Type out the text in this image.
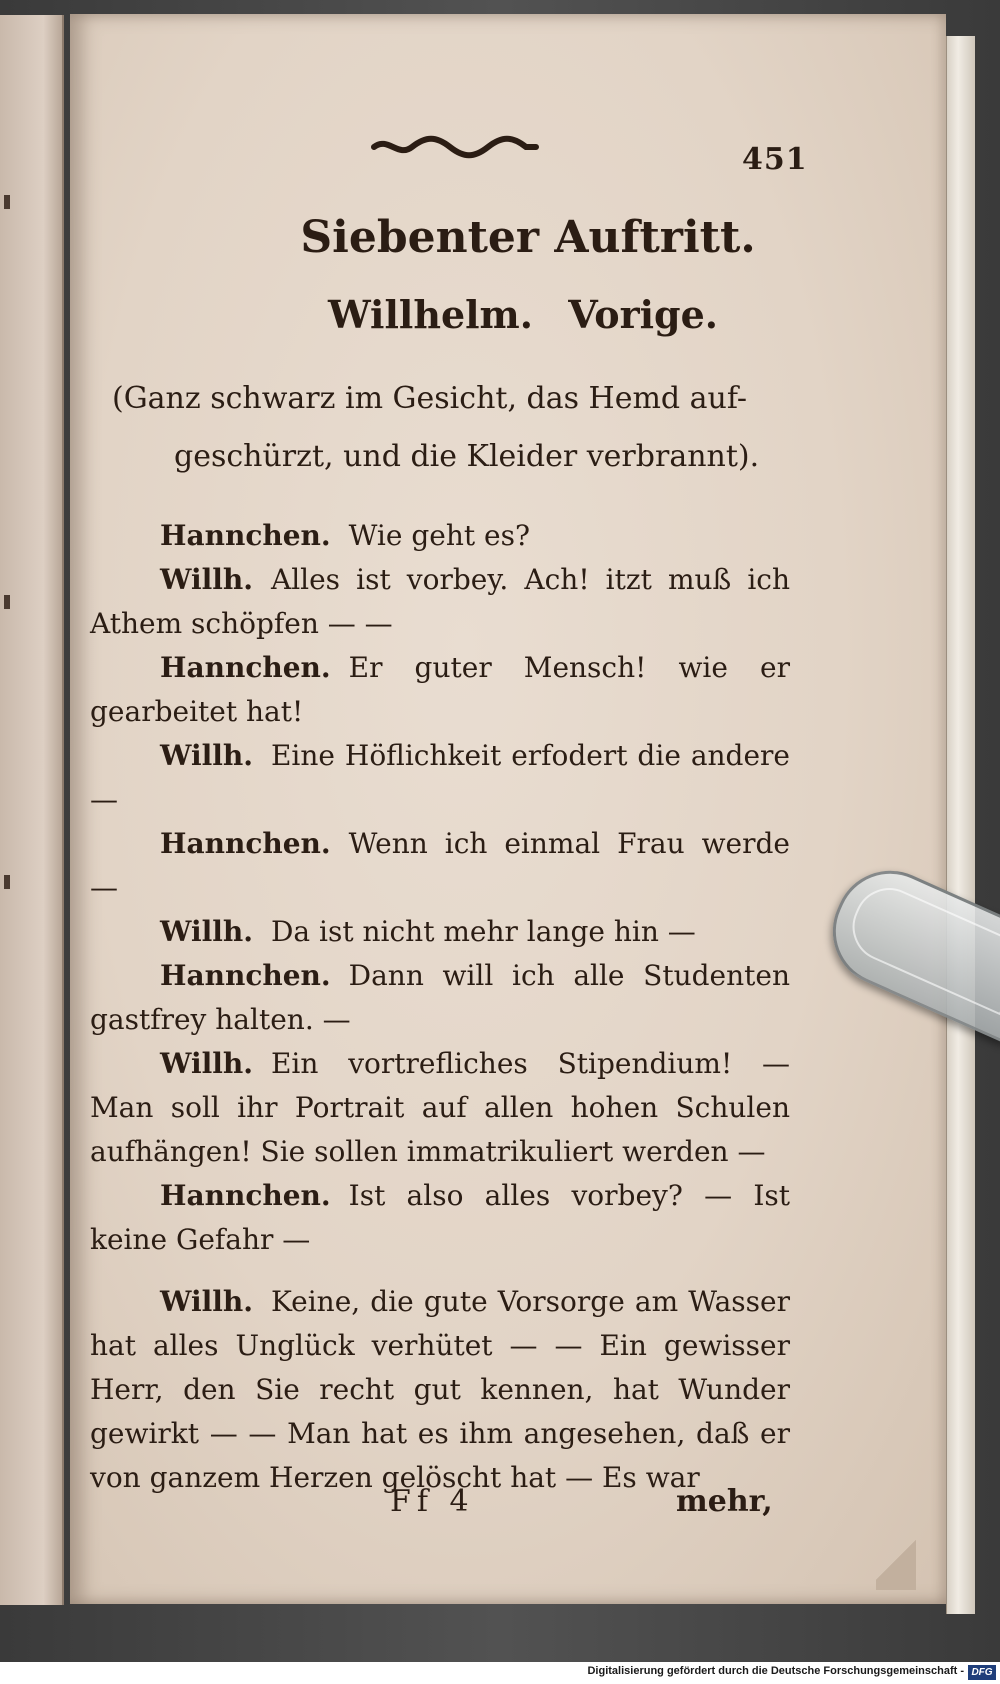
451
Siebenter Auftritt.
Willhelm. Vorige.
(Ganz schwarz im Gesicht, das Hemd auf-
geschürzt, und die Kleider verbrannt).

Hannchen. Wie geht es?

Willh. Alles ist vorbey. Ach! itzt muß ich Athem schöpfen — —

Hannchen. Er guter Mensch! wie er gearbeitet hat!

Willh. Eine Höflichkeit erfodert die andere —

Hannchen. Wenn ich einmal Frau werde —

Willh. Da ist nicht mehr lange hin —

Hannchen. Dann will ich alle Studenten gastfrey halten. —

Willh. Ein vortrefliches Stipendium! — Man soll ihr Portrait auf allen hohen Schulen aufhängen! Sie sollen immatrikuliert werden —

Hannchen. Ist also alles vorbey? — Ist keine Gefahr —

Willh. Keine, die gute Vorsorge am Wasser hat alles Unglück verhütet — — Ein gewisser Herr, den Sie recht gut kennen, hat Wunder gewirkt — — Man hat es ihm angesehen, daß er von ganzem Herzen gelöscht hat — Es war

Ff 4	mehr,
Digitalisierung gefördert durch die Deutsche Forschungsgemeinschaft - DFG
